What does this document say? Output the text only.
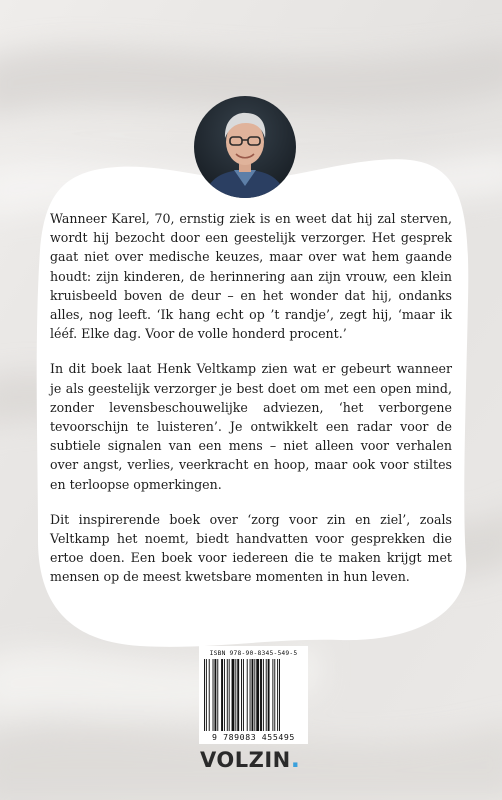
Wanneer Karel, 70, ernstig ziek is en weet dat hij zal sterven, wordt hij bezocht door een geestelijk verzorger. Het gesprek gaat niet over medische keuzes, maar over wat hem gaande houdt: zijn kinderen, de herinnering aan zijn vrouw, een klein kruisbeeld boven de deur – en het wonder dat hij, ondanks alles, nog leeft. ‘Ik hang echt op ’t randje’, zegt hij, ‘maar ik lééf. Elke dag. Voor de volle honderd procent.’

In dit boek laat Henk Veltkamp zien wat er gebeurt wanneer je als geestelijk verzorger je best doet om met een open mind, zonder levensbeschouwelijke adviezen, ‘het verborgene tevoorschijn te luisteren’. Je ontwikkelt een radar voor de subtiele signalen van een mens – niet alleen voor verhalen over angst, verlies, veerkracht en hoop, maar ook voor stiltes en terloopse opmerkingen.

Dit inspirerende boek over ‘zorg voor zin en ziel’, zoals Veltkamp het noemt, biedt handvatten voor gesprekken die ertoe doen. Een boek voor iedereen die te maken krijgt met mensen op de meest kwetsbare momenten in hun leven.

ISBN 978-90-8345-549-5
9 789083 455495
VOLZIN .
